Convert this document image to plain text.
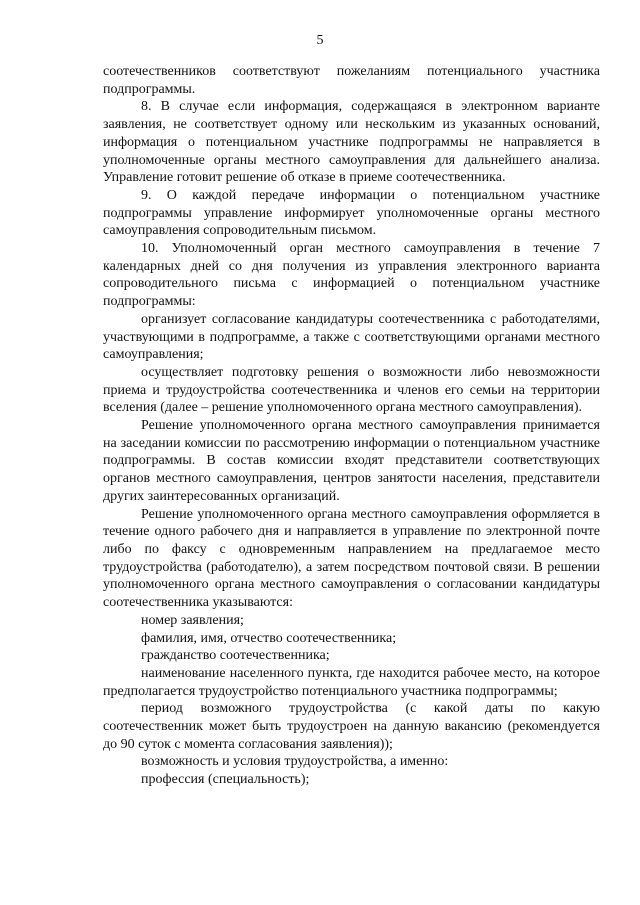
5

соотечественников соответствуют пожеланиям потенциального участника подпрограммы.

8. В случае если информация, содержащаяся в электронном варианте заявления, не соответствует одному или нескольким из указанных оснований, информация о потенциальном участнике подпрограммы не направляется в уполномоченные органы местного самоуправления для дальнейшего анализа. Управление готовит решение об отказе в приеме соотечественника.

9. О каждой передаче информации о потенциальном участнике подпрограммы управление информирует уполномоченные органы местного самоуправления сопроводительным письмом.

10. Уполномоченный орган местного самоуправления в течение 7 календарных дней со дня получения из управления электронного варианта сопроводительного письма с информацией о потенциальном участнике подпрограммы:

организует согласование кандидатуры соотечественника с работодателями, участвующими в подпрограмме, а также с соответствующими органами местного самоуправления;

осуществляет подготовку решения о возможности либо невозможности приема и трудоустройства соотечественника и членов его семьи на территории вселения (далее – решение уполномоченного органа местного самоуправления).

Решение уполномоченного органа местного самоуправления принимается на заседании комиссии по рассмотрению информации о потенциальном участнике подпрограммы. В состав комиссии входят представители соответствующих органов местного самоуправления, центров занятости населения, представители других заинтересованных организаций.

Решение уполномоченного органа местного самоуправления оформляется в течение одного рабочего дня и направляется в управление по электронной почте либо по факсу с одновременным направлением на предлагаемое место трудоустройства (работодателю), а затем посредством почтовой связи. В решении уполномоченного органа местного самоуправления о согласовании кандидатуры соотечественника указываются:

номер заявления;

фамилия, имя, отчество соотечественника;

гражданство соотечественника;

наименование населенного пункта, где находится рабочее место, на которое предполагается трудоустройство потенциального участника подпрограммы;

период возможного трудоустройства (с какой даты по какую соотечественник может быть трудоустроен на данную вакансию (рекомендуется до 90 суток с момента согласования заявления));

возможность и условия трудоустройства, а именно:

профессия (специальность);
